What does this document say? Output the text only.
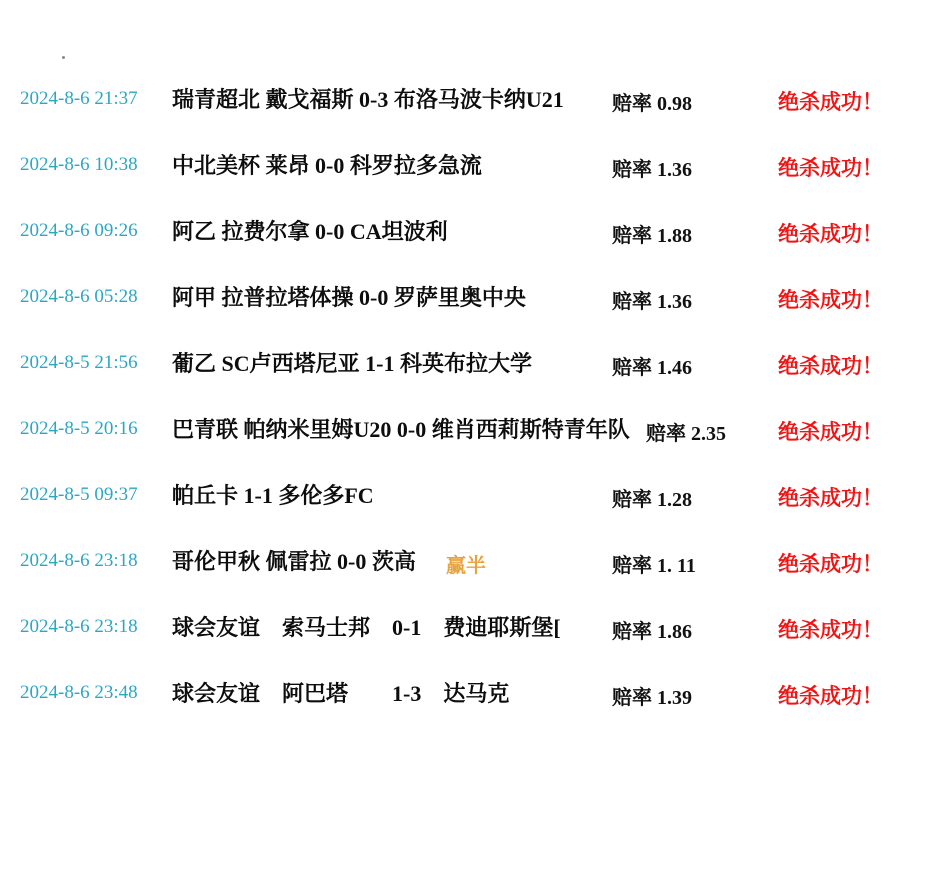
2024-8-6 21:37 瑞青超北 戴戈福斯 0-3 布洛马波卡纳U21 赔率 0.98	绝杀成功！
2024-8-6 10:38 中北美杯 莱昂 0-0 科罗拉多急流	赔率 1.36	绝杀成功！
2024-8-6 09:26 阿乙 拉费尔拿 0-0 CA坦波利	赔率 1.88	绝杀成功！
2024-8-6 05:28 阿甲 拉普拉塔体操 0-0 罗萨里奥中央	赔率 1.36	绝杀成功！
2024-8-5 21:56 葡乙 SC卢西塔尼亚 1-1 科英布拉大学	赔率 1.46	绝杀成功！
2024-8-5 20:16 巴青联 帕纳米里姆U20 0-0 维肖西莉斯特青年队 赔率 2.35 绝杀成功！
2024-8-5 09:37 帕丘卡 1-1 多伦多FC	赔率 1.28	绝杀成功！
2024-8-6 23:18 哥伦甲秋 佩雷拉 0-0 茨高 赢半	赔率 1. 11	绝杀成功！
2024-8-6 23:18 球会友谊　索马士邦　0-1　费迪耶斯堡[	赔率 1.86	绝杀成功！
2024-8-6 23:48 球会友谊　阿巴塔　　1-3　达马克	赔率 1.39	绝杀成功！
